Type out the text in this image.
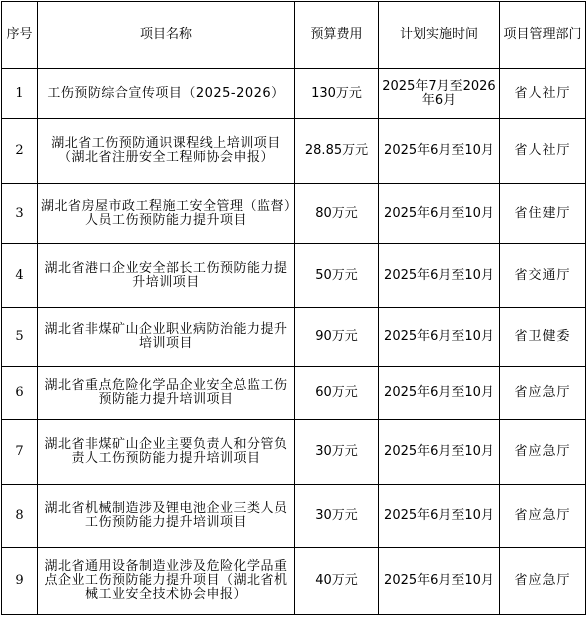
序号	项目名称	预算费用	计划实施时间	项目管理部门
1	工伤预防综合宣传项目（2025-2026）	130万元	2025年7月至2026年6月	省人社厅
2	湖北省工伤预防通识课程线上培训项目（湖北省注册安全工程师协会申报）	28.85万元	2025年6月至10月	省人社厅
3	湖北省房屋市政工程施工安全管理（监督）人员工伤预防能力提升项目	80万元	2025年6月至10月	省住建厅
4	湖北省港口企业安全部长工伤预防能力提升培训项目	50万元	2025年6月至10月	省交通厅
5	湖北省非煤矿山企业职业病防治能力提升培训项目	90万元	2025年6月至10月	省卫健委
6	湖北省重点危险化学品企业安全总监工伤预防能力提升培训项目	60万元	2025年6月至10月	省应急厅
7	湖北省非煤矿山企业主要负责人和分管负责人工伤预防能力提升培训项目	30万元	2025年6月至10月	省应急厅
8	湖北省机械制造涉及锂电池企业三类人员工伤预防能力提升培训项目	30万元	2025年6月至10月	省应急厅
9	湖北省通用设备制造业涉及危险化学品重点企业工伤预防能力提升项目（湖北省机械工业安全技术协会申报）	40万元	2025年6月至10月	省应急厅
